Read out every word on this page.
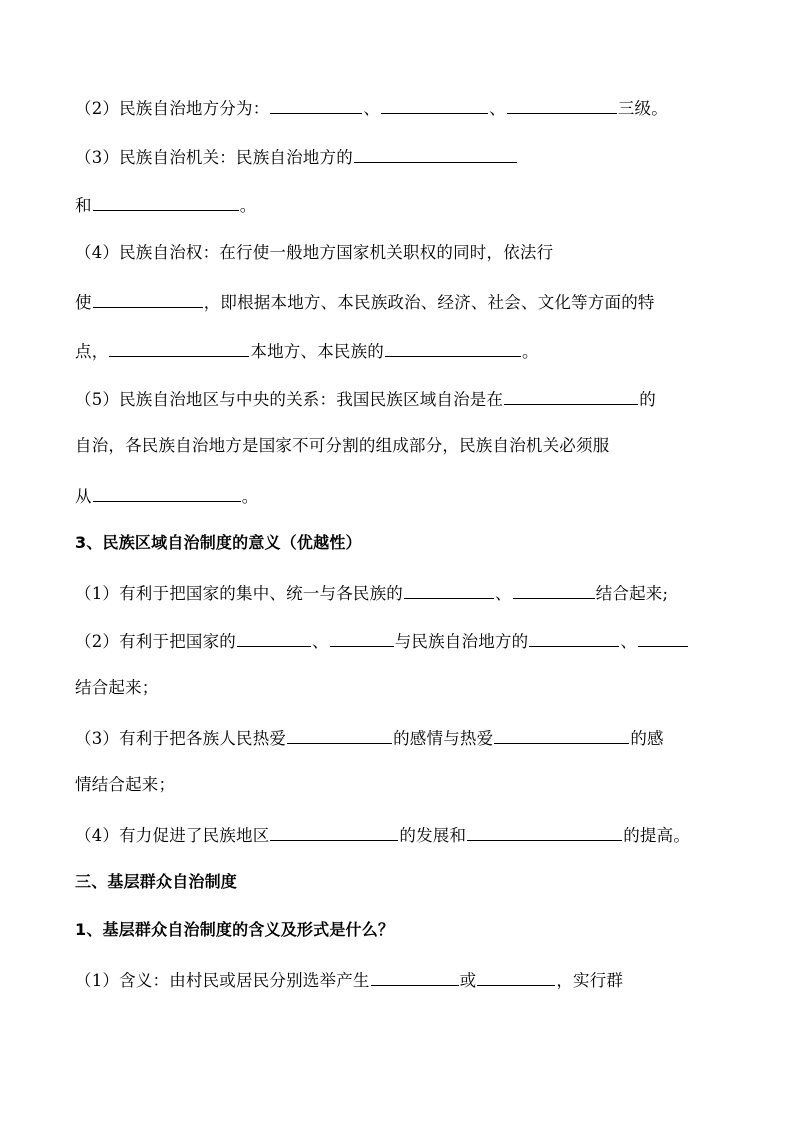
（2）民族自治地方分为：	、	、	三级。
（3）民族自治机关：民族自治地方的
和	。
（4）民族自治权：在行使一般地方国家机关职权的同时，依法行
使	，即根据本地方、本民族政治、经济、社会、文化等方面的特
点，	本地方、本民族的	。
（5）民族自治地区与中央的关系：我国民族区域自治是在	的
自治，各民族自治地方是国家不可分割的组成部分，民族自治机关必须服
从	。
3、民族区域自治制度的意义（优越性）
（1）有利于把国家的集中、统一与各民族的	、	结合起来;
（2）有利于把国家的	、	与民族自治地方的	、
结合起来；
（3）有利于把各族人民热爱	的感情与热爱	的感
情结合起来；
（4）有力促进了民族地区	的发展和	的提高。
三、基层群众自治制度
1、基层群众自治制度的含义及形式是什么？
（1）含义：由村民或居民分别选举产生	或	，实行群
